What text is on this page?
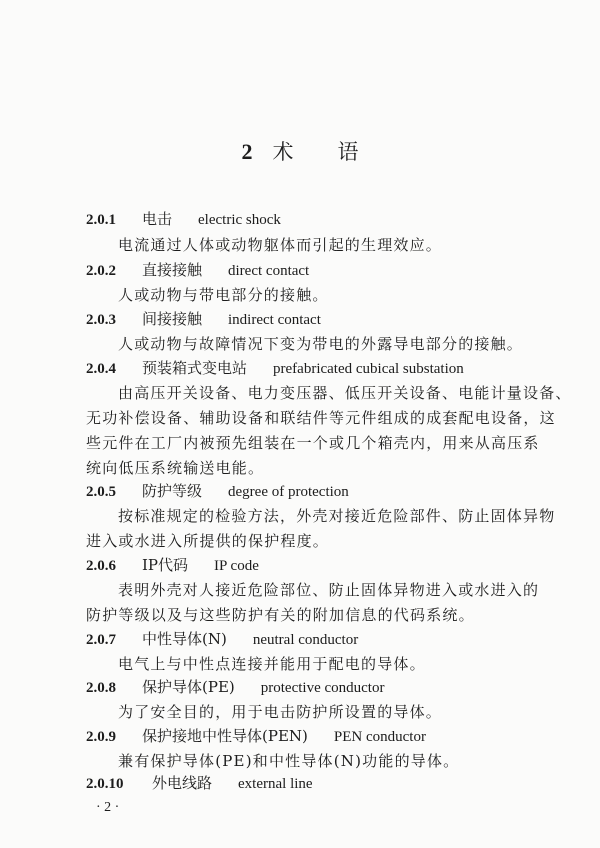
2 术 语
2.0.1 电击 electric shock
电流通过人体或动物躯体而引起的生理效应。
2.0.2 直接接触 direct contact
人或动物与带电部分的接触。
2.0.3 间接接触 indirect contact
人或动物与故障情况下变为带电的外露导电部分的接触。
2.0.4 预装箱式变电站 prefabricated cubical substation
由高压开关设备、电力变压器、低压开关设备、电能计量设备、
无功补偿设备、辅助设备和联结件等元件组成的成套配电设备，这
些元件在工厂内被预先组装在一个或几个箱壳内，用来从高压系
统向低压系统输送电能。
2.0.5 防护等级 degree of protection
按标准规定的检验方法，外壳对接近危险部件、防止固体异物
进入或水进入所提供的保护程度。
2.0.6 IP代码 IP code
表明外壳对人接近危险部位、防止固体异物进入或水进入的
防护等级以及与这些防护有关的附加信息的代码系统。
2.0.7 中性导体(N) neutral conductor
电气上与中性点连接并能用于配电的导体。
2.0.8 保护导体(PE) protective conductor
为了安全目的，用于电击防护所设置的导体。
2.0.9 保护接地中性导体(PEN) PEN conductor
兼有保护导体(PE)和中性导体(N)功能的导体。
2.0.10 外电线路 external line
· 2 ·
